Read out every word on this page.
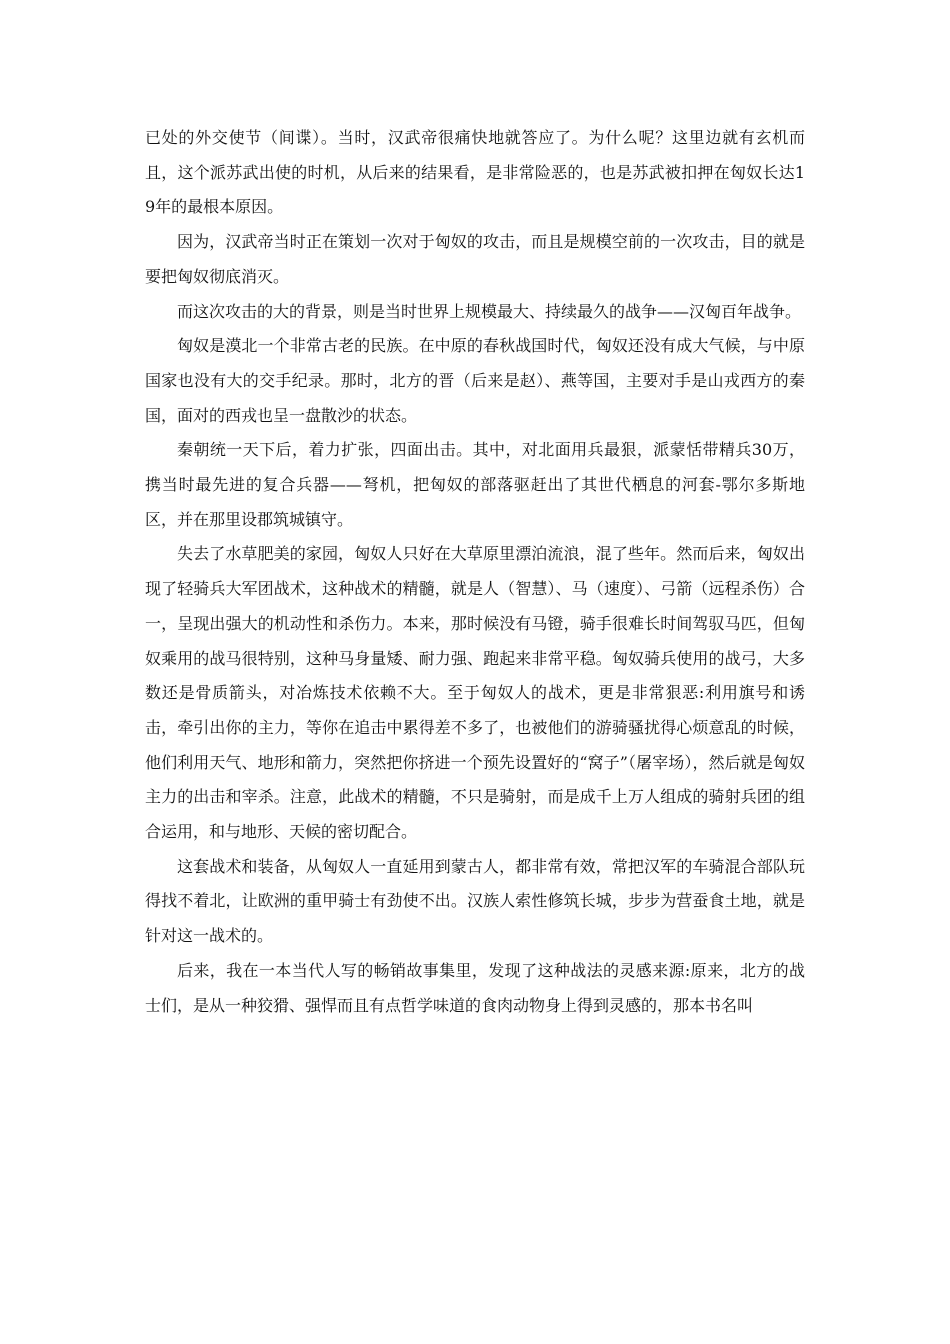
已处的外交使节（间谍）。当时，汉武帝很痛快地就答应了。为什么呢？这里边就有玄机而且，这个派苏武出使的时机，从后来的结果看，是非常险恶的，也是苏武被扣押在匈奴长达19年的最根本原因。

因为，汉武帝当时正在策划一次对于匈奴的攻击，而且是规模空前的一次攻击，目的就是要把匈奴彻底消灭。

而这次攻击的大的背景，则是当时世界上规模最大、持续最久的战争——汉匈百年战争。

匈奴是漠北一个非常古老的民族。在中原的春秋战国时代，匈奴还没有成大气候，与中原国家也没有大的交手纪录。那时，北方的晋（后来是赵）、燕等国，主要对手是山戎西方的秦国，面对的西戎也呈一盘散沙的状态。

秦朝统一天下后，着力扩张，四面出击。其中，对北面用兵最狠，派蒙恬带精兵30万，携当时最先进的复合兵器——弩机，把匈奴的部落驱赶出了其世代栖息的河套-鄂尔多斯地区，并在那里设郡筑城镇守。

失去了水草肥美的家园，匈奴人只好在大草原里漂泊流浪，混了些年。然而后来，匈奴出现了轻骑兵大军团战术，这种战术的精髓，就是人（智慧）、马（速度）、弓箭（远程杀伤）合一，呈现出强大的机动性和杀伤力。本来，那时候没有马镫，骑手很难长时间驾驭马匹，但匈奴乘用的战马很特别，这种马身量矮、耐力强、跑起来非常平稳。匈奴骑兵使用的战弓，大多数还是骨质箭头，对冶炼技术依赖不大。至于匈奴人的战术，更是非常狠恶:利用旗号和诱击，牵引出你的主力，等你在追击中累得差不多了，也被他们的游骑骚扰得心烦意乱的时候，他们利用天气、地形和箭力，突然把你挤进一个预先设置好的“窝子”（屠宰场），然后就是匈奴主力的出击和宰杀。注意，此战术的精髓，不只是骑射，而是成千上万人组成的骑射兵团的组合运用，和与地形、天候的密切配合。

这套战术和装备，从匈奴人一直延用到蒙古人，都非常有效，常把汉军的车骑混合部队玩得找不着北，让欧洲的重甲骑士有劲使不出。汉族人索性修筑长城，步步为营蚕食土地，就是针对这一战术的。

后来，我在一本当代人写的畅销故事集里，发现了这种战法的灵感来源:原来，北方的战士们，是从一种狡猾、强悍而且有点哲学味道的食肉动物身上得到灵感的，那本书名叫
